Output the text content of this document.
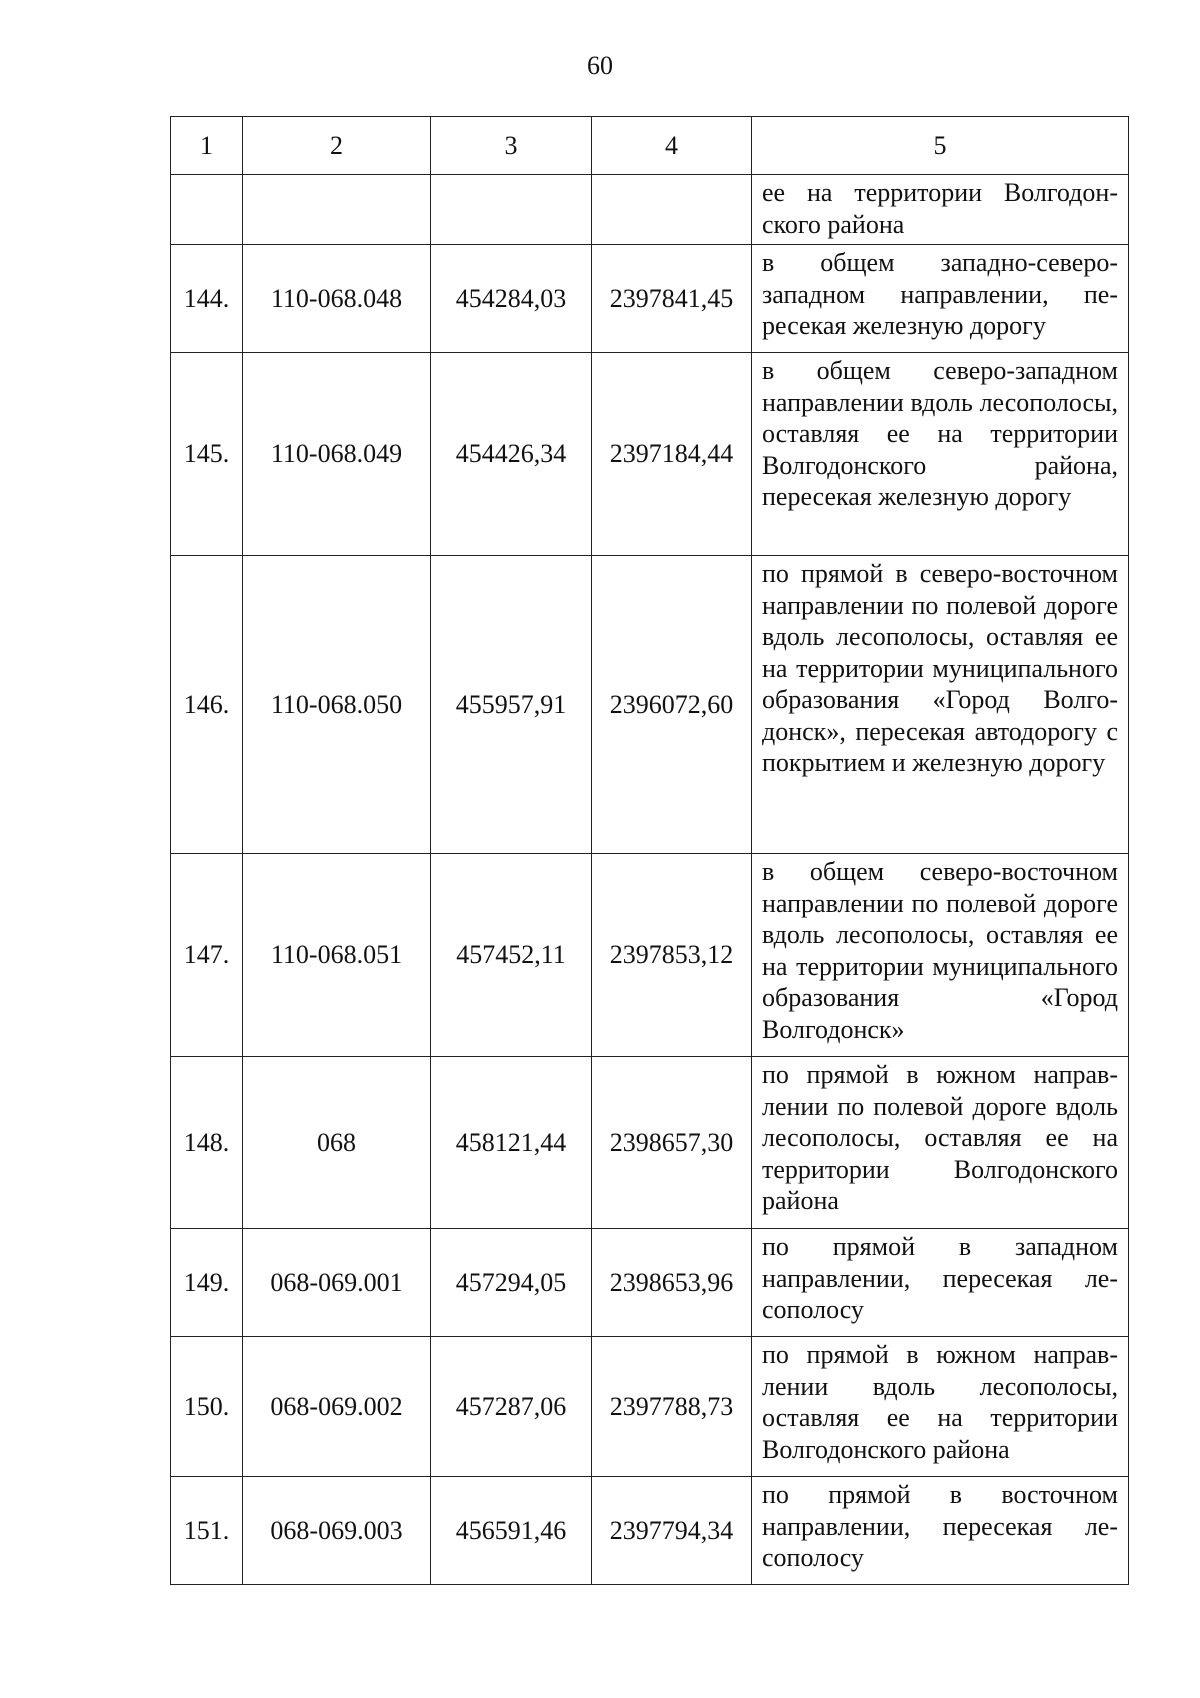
60
1	2	3	4	5
				ее на территории Волгодонского района
144.	110-068.048	454284,03	2397841,45	в общем западно-северо-западном направлении, пересекая железную дорогу
145.	110-068.049	454426,34	2397184,44	в общем северо-западном направлении вдоль лесополосы, оставляя ее на территории Волгодонского района, пересекая железную дорогу
146.	110-068.050	455957,91	2396072,60	по прямой в северо-восточном направлении по полевой дороге вдоль лесополосы, оставляя ее на территории муниципального образования «Город Волгодонск», пересекая автодорогу с покрытием и железную дорогу
147.	110-068.051	457452,11	2397853,12	в общем северо-восточном направлении по полевой дороге вдоль лесополосы, оставляя ее на территории муниципального образования «Город Волгодонск»
148.	068	458121,44	2398657,30	по прямой в южном направлении по полевой дороге вдоль лесополосы, оставляя ее на территории Волгодонского района
149.	068-069.001	457294,05	2398653,96	по прямой в западном направлении, пересекая лесополосу
150.	068-069.002	457287,06	2397788,73	по прямой в южном направлении вдоль лесополосы, оставляя ее на территории Волгодонского района
151.	068-069.003	456591,46	2397794,34	по прямой в восточном направлении, пересекая лесополосу
